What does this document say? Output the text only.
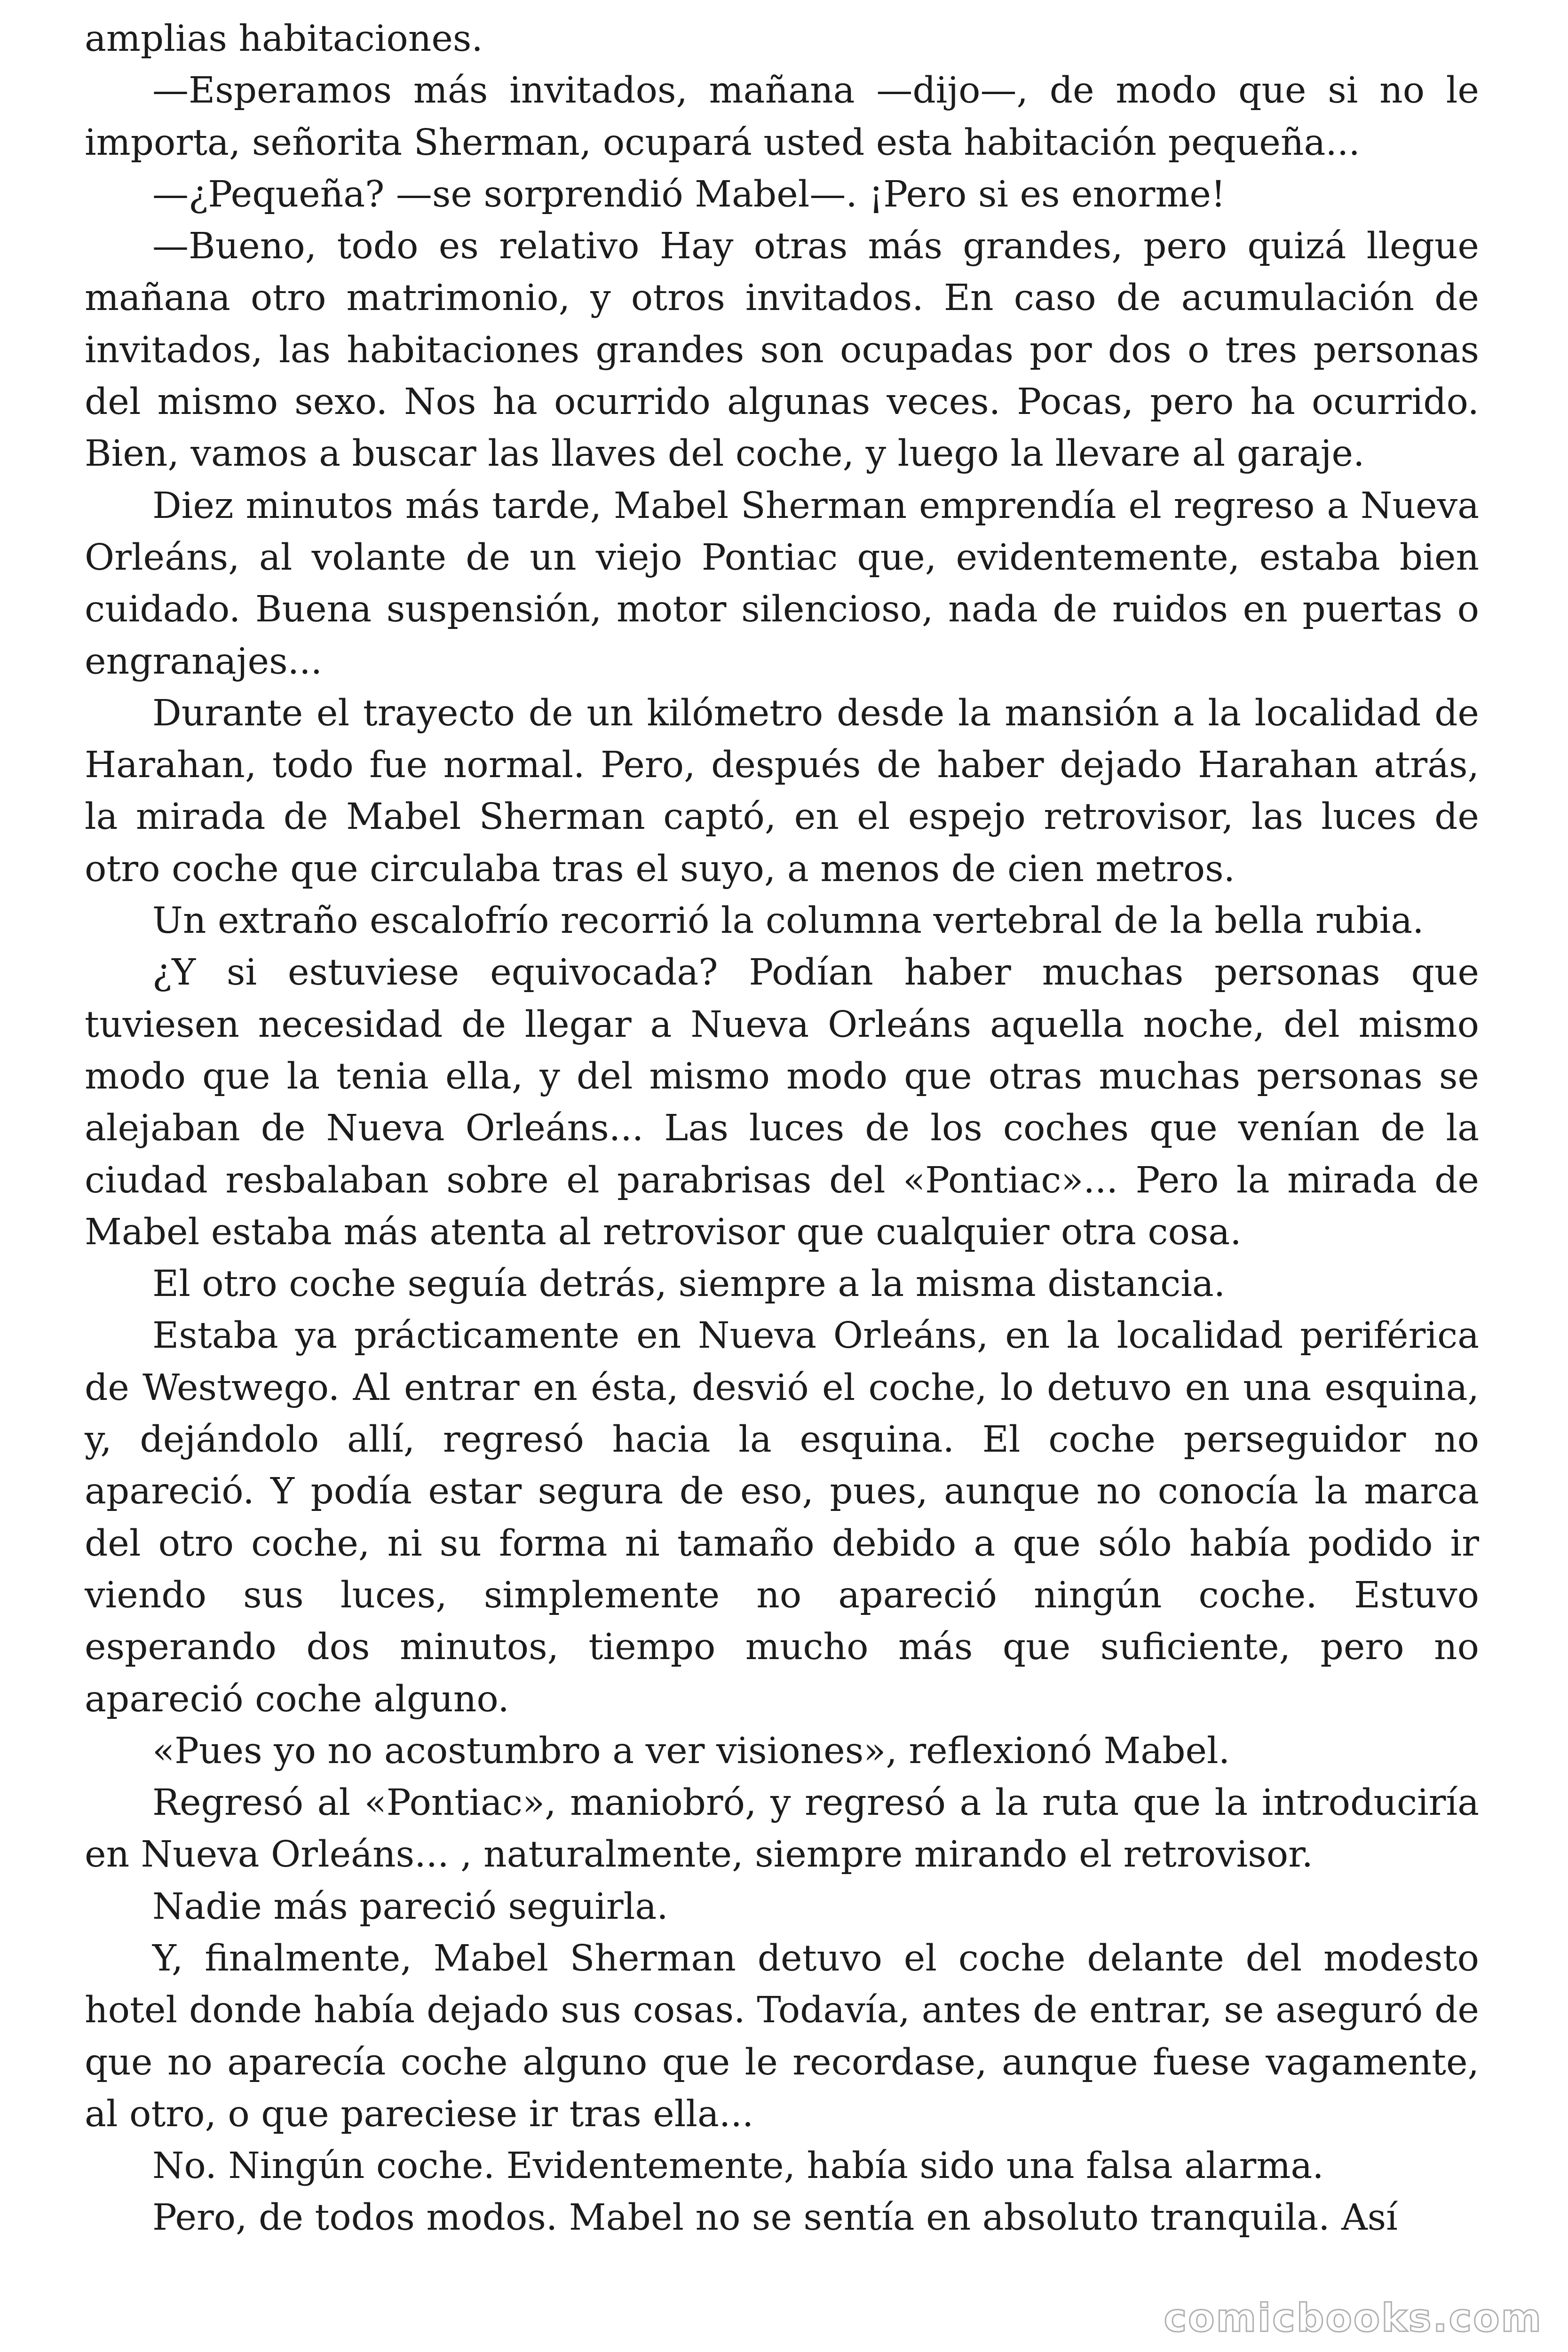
amplias habitaciones.

—Esperamos más invitados, mañana —dijo—, de modo que si no le importa, señorita Sherman, ocupará usted esta habitación pequeña...

—¿Pequeña? —se sorprendió Mabel—. ¡Pero si es enorme!

—Bueno, todo es relativo Hay otras más grandes, pero quizá llegue mañana otro matrimonio, y otros invitados. En caso de acumulación de invitados, las habitaciones grandes son ocupadas por dos o tres personas del mismo sexo. Nos ha ocurrido algunas veces. Pocas, pero ha ocurrido. Bien, vamos a buscar las llaves del coche, y luego la llevare al garaje.

Diez minutos más tarde, Mabel Sherman emprendía el regreso a Nueva Orleáns, al volante de un viejo Pontiac que, evidentemente, estaba bien cuidado. Buena suspensión, motor silencioso, nada de ruidos en puertas o engranajes...

Durante el trayecto de un kilómetro desde la mansión a la localidad de Harahan, todo fue normal. Pero, después de haber dejado Harahan atrás, la mirada de Mabel Sherman captó, en el espejo retrovisor, las luces de otro coche que circulaba tras el suyo, a menos de cien metros.

Un extraño escalofrío recorrió la columna vertebral de la bella rubia.

¿Y si estuviese equivocada? Podían haber muchas personas que tuviesen necesidad de llegar a Nueva Orleáns aquella noche, del mismo modo que la tenia ella, y del mismo modo que otras muchas personas se alejaban de Nueva Orleáns... Las luces de los coches que venían de la ciudad resbalaban sobre el parabrisas del «Pontiac»... Pero la mirada de Mabel estaba más atenta al retrovisor que cualquier otra cosa.

El otro coche seguía detrás, siempre a la misma distancia.

Estaba ya prácticamente en Nueva Orleáns, en la localidad periférica de Westwego. Al entrar en ésta, desvió el coche, lo detuvo en una esquina, y, dejándolo allí, regresó hacia la esquina. El coche perseguidor no apareció. Y podía estar segura de eso, pues, aunque no conocía la marca del otro coche, ni su forma ni tamaño debido a que sólo había podido ir viendo sus luces, simplemente no apareció ningún coche. Estuvo esperando dos minutos, tiempo mucho más que suficiente, pero no apareció coche alguno.

«Pues yo no acostumbro a ver visiones», reflexionó Mabel.

Regresó al «Pontiac», maniobró, y regresó a la ruta que la introduciría en Nueva Orleáns... , naturalmente, siempre mirando el retrovisor.

Nadie más pareció seguirla.

Y, finalmente, Mabel Sherman detuvo el coche delante del modesto hotel donde había dejado sus cosas. Todavía, antes de entrar, se aseguró de que no aparecía coche alguno que le recordase, aunque fuese vagamente, al otro, o que pareciese ir tras ella...

No. Ningún coche. Evidentemente, había sido una falsa alarma.

Pero, de todos modos. Mabel no se sentía en absoluto tranquila. Así

comicbooks.com
